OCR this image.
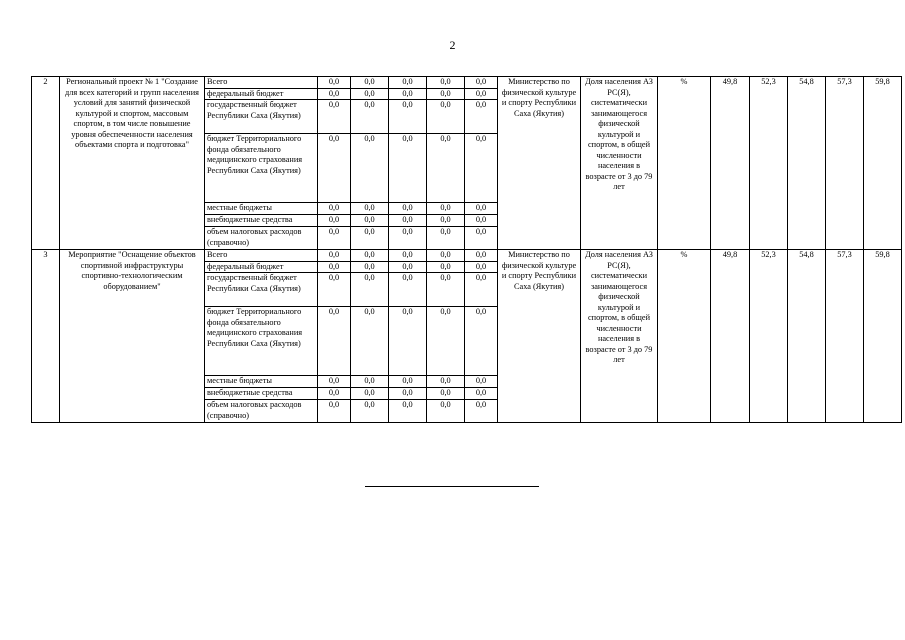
2
2	Региональный проект № 1 "Создание для всех категорий и групп населения условий для занятий физической культурой и спортом, массовым спортом, в том числе повышение уровня обеспеченности населения объектами спорта и подготовка"	Всего	0,0	0,0	0,0	0,0	0,0	Министерство по физической культуре и спорту Республики Саха (Якутия)	Доля населения АЗ РС(Я), систематически занимающегося физической культурой и спортом, в общей численности населения в возрасте от 3 до 79 лет	%	49,8	52,3	54,8	57,3	59,8
		федеральный бюджет	0,0	0,0	0,0	0,0	0,0								
		государственный бюджет Республики Саха (Якутия)	0,0	0,0	0,0	0,0	0,0								
		бюджет Территориального фонда обязательного медицинского страхования Республики Саха (Якутия)	0,0	0,0	0,0	0,0	0,0								
		местные бюджеты	0,0	0,0	0,0	0,0	0,0								
		внебюджетные средства	0,0	0,0	0,0	0,0	0,0								
		объем налоговых расходов (справочно)	0,0	0,0	0,0	0,0	0,0								
3	Мероприятие "Оснащение объектов спортивной инфраструктуры спортивно-технологическим оборудованием"	Всего	0,0	0,0	0,0	0,0	0,0	Министерство по физической культуре и спорту Республики Саха (Якутия)	Доля населения АЗ РС(Я), систематически занимающегося физической культурой и спортом, в общей численности населения в возрасте от 3 до 79 лет	%	49,8	52,3	54,8	57,3	59,8
		федеральный бюджет	0,0	0,0	0,0	0,0	0,0								
		государственный бюджет Республики Саха (Якутия)	0,0	0,0	0,0	0,0	0,0								
		бюджет Территориального фонда обязательного медицинского страхования Республики Саха (Якутия)	0,0	0,0	0,0	0,0	0,0								
		местные бюджеты	0,0	0,0	0,0	0,0	0,0								
		внебюджетные средства	0,0	0,0	0,0	0,0	0,0								
		объем налоговых расходов (справочно)	0,0	0,0	0,0	0,0	0,0								
